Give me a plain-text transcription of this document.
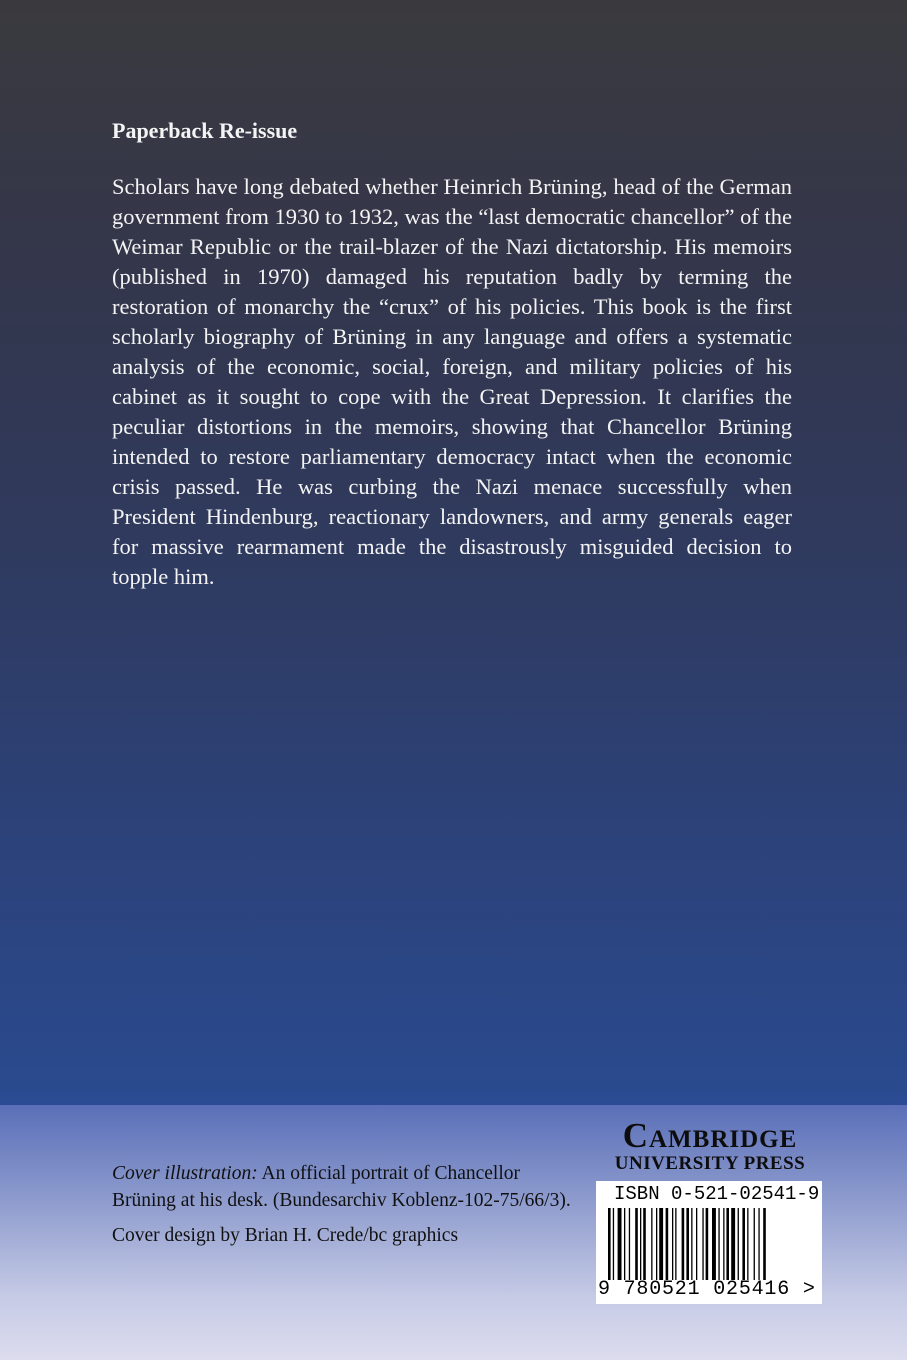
Paperback Re-issue
Scholars have long debated whether Heinrich Brüning, head of the German government from 1930 to 1932, was the “last democratic chancellor” of the Weimar Republic or the trail-blazer of the Nazi dictatorship. His memoirs (published in 1970) damaged his reputation badly by terming the restoration of monarchy the “crux” of his policies. This book is the first scholarly biography of Brüning in any language and offers a systematic analysis of the economic, social, foreign, and military policies of his cabinet as it sought to cope with the Great Depression. It clarifies the peculiar distortions in the memoirs, showing that Chancellor Brüning intended to restore parliamentary democracy intact when the economic crisis passed. He was curbing the Nazi menace successfully when President Hindenburg, reactionary landowners, and army generals eager for massive rearmament made the disastrously misguided decision to topple him.

Cover illustration: An official portrait of Chancellor Brüning at his desk. (Bundesarchiv Koblenz-102-75/66/3).

Cover design by Brian H. Crede/bc graphics

Cambridge
UNIVERSITY PRESS
ISBN 0-521-02541-9
9 780521 025416 >
